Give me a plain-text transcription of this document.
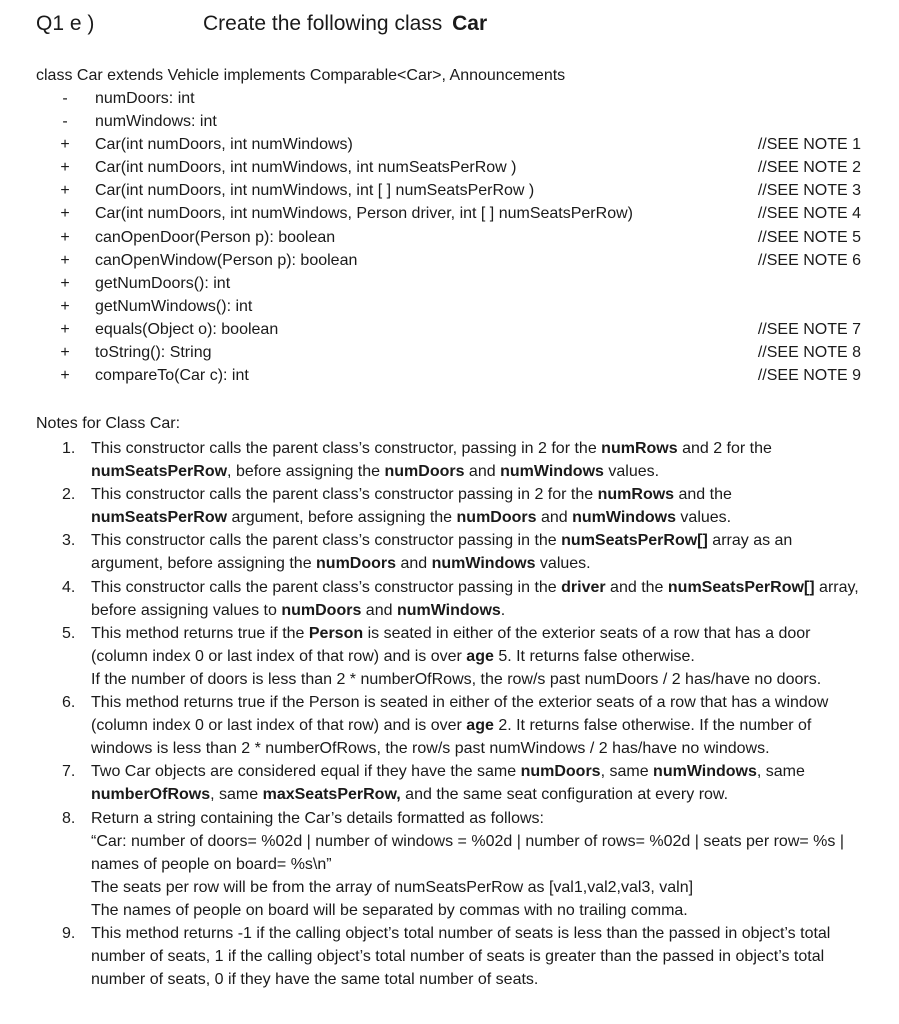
Q1 e )	Create the following class Car
class Car extends Vehicle implements Comparable<Car>, Announcements
- numDoors: int
- numWindows: int
+ Car(int numDoors, int numWindows)	//SEE NOTE 1
+ Car(int numDoors, int numWindows, int numSeatsPerRow )	//SEE NOTE 2
+ Car(int numDoors, int numWindows, int [ ] numSeatsPerRow )	//SEE NOTE 3
+ Car(int numDoors, int numWindows, Person driver, int [ ] numSeatsPerRow)	//SEE NOTE 4
+ canOpenDoor(Person p): boolean	//SEE NOTE 5
+ canOpenWindow(Person p): boolean	//SEE NOTE 6
+ getNumDoors(): int
+ getNumWindows(): int
+ equals(Object o): boolean	//SEE NOTE 7
+ toString(): String	//SEE NOTE 8
+ compareTo(Car c): int	//SEE NOTE 9
Notes for Class Car:
1. This constructor calls the parent class’s constructor, passing in 2 for the numRows and 2 for the numSeatsPerRow, before assigning the numDoors and numWindows values.

2. This constructor calls the parent class’s constructor passing in 2 for the numRows and the numSeatsPerRow argument, before assigning the numDoors and numWindows values.

3. This constructor calls the parent class’s constructor passing in the numSeatsPerRow[] array as an argument, before assigning the numDoors and numWindows values.

4. This constructor calls the parent class’s constructor passing in the driver and the numSeatsPerRow[] array, before assigning values to numDoors and numWindows.

5. This method returns true if the Person is seated in either of the exterior seats of a row that has a door (column index 0 or last index of that row) and is over age 5. It returns false otherwise.

If the number of doors is less than 2 * numberOfRows, the row/s past numDoors / 2 has/have no doors.

6. This method returns true if the Person is seated in either of the exterior seats of a row that has a window (column index 0 or last index of that row) and is over age 2. It returns false otherwise. If the number of windows is less than 2 * numberOfRows, the row/s past numWindows / 2 has/have no windows.

7. Two Car objects are considered equal if they have the same numDoors, same numWindows, same numberOfRows, same maxSeatsPerRow, and the same seat configuration at every row.

8. Return a string containing the Car’s details formatted as follows:

“Car: number of doors= %02d | number of windows = %02d | number of rows= %02d | seats per row= %s | names of people on board= %s\n”

The seats per row will be from the array of numSeatsPerRow as [val1,val2,val3, valn]

The names of people on board will be separated by commas with no trailing comma.

9. This method returns -1 if the calling object’s total number of seats is less than the passed in object’s total number of seats, 1 if the calling object’s total number of seats is greater than the passed in object’s total number of seats, 0 if they have the same total number of seats.
